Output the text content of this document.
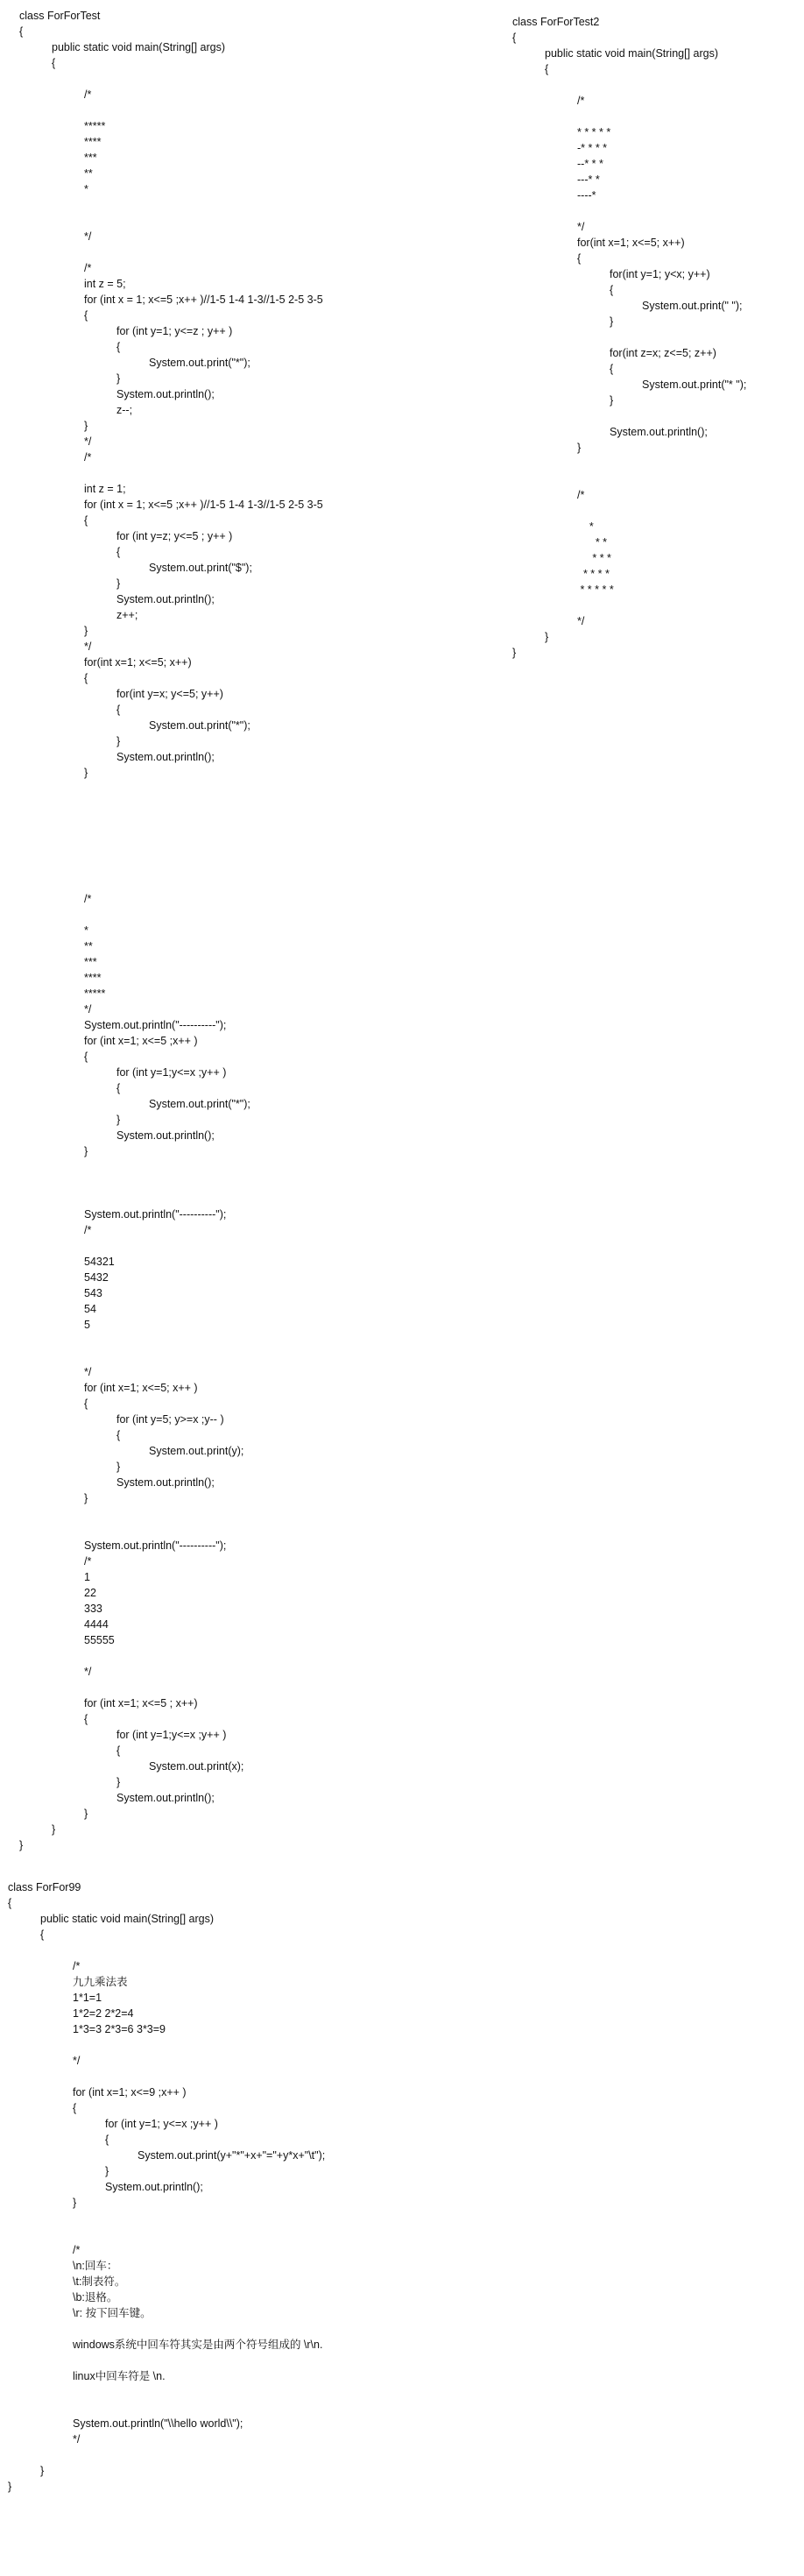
class ForForTest
{
public static void main(String[] args)
{
/*
*****
****
***
**
*
*/
/*
int z = 5;
for (int x = 1; x<=5 ;x++ )//1-5 1-4 1-3//1-5 2-5 3-5
{
for (int y=1; y<=z ; y++ )
{
System.out.print("*");
}
System.out.println();
z--;
}
*/
/*
int z = 1;
for (int x = 1; x<=5 ;x++ )//1-5 1-4 1-3//1-5 2-5 3-5
{
for (int y=z; y<=5 ; y++ )
{
System.out.print("$");
}
System.out.println();
z++;
}
*/
for(int x=1; x<=5; x++)
{
for(int y=x; y<=5; y++)
{
System.out.print("*");
}
System.out.println();
}
/*
*
**
***
****
*****
*/
System.out.println("----------");
for (int x=1; x<=5 ;x++ )
{
for (int y=1;y<=x ;y++ )
{
System.out.print("*");
}
System.out.println();
}
System.out.println("----------");
/*
54321
5432
543
54
5
*/
for (int x=1; x<=5; x++ )
{
for (int y=5; y>=x ;y-- )
{
System.out.print(y);
}
System.out.println();
}
System.out.println("----------");
/*
1
22
333
4444
55555
*/
for (int x=1; x<=5 ; x++)
{
for (int y=1;y<=x ;y++ )
{
System.out.print(x);
}
System.out.println();
}
}
}
class ForForTest2
{
public static void main(String[] args)
{
/*
* * * * *
-* * * *
--* * *
---* *
----*
*/
for(int x=1; x<=5; x++)
{
for(int y=1; y<x; y++)
{
System.out.print(" ");
}
for(int z=x; z<=5; z++)
{
System.out.print("* ");
}
System.out.println();
}
/*
*
* *
* * *
* * * *
* * * * *
*/
}
}
class ForFor99
{
public static void main(String[] args)
{
/*
九九乘法表
1*1=1
1*2=2 2*2=4
1*3=3 2*3=6 3*3=9
*/
for (int x=1; x<=9 ;x++ )
{
for (int y=1; y<=x ;y++ )
{
System.out.print(y+"*"+x+"="+y*x+"\t");
}
System.out.println();
}
/*
\n:回车：
\t:制表符。
\b:退格。
\r: 按下回车键。
windows系统中回车符其实是由两个符号组成的 \r\n.
linux中回车符是 \n.
System.out.println("\\hello world\\");
*/
}
}
